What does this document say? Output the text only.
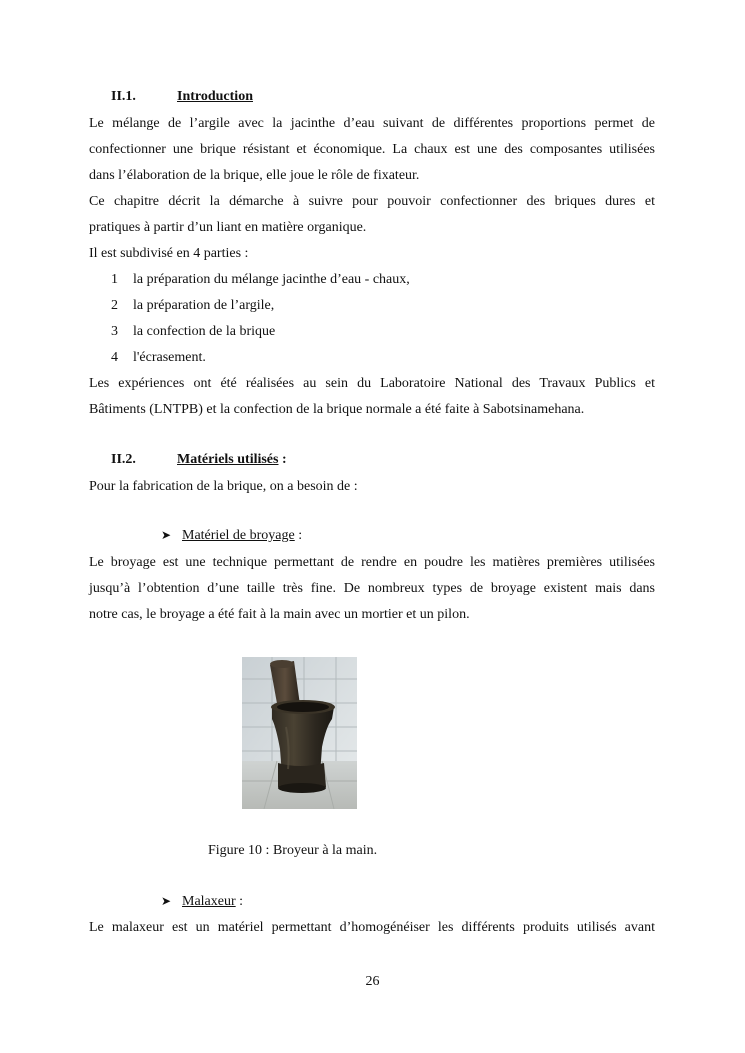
II.1.	Introduction
Le mélange de l’argile avec la jacinthe d’eau suivant de différentes proportions permet de
confectionner une brique résistant et économique. La chaux est une des composantes utilisées
dans l’élaboration de la brique, elle joue le rôle de fixateur.
Ce chapitre décrit la démarche à suivre pour pouvoir confectionner des briques dures et
pratiques à partir d’un liant en matière organique.
Il est subdivisé en 4 parties :
1 la préparation du mélange jacinthe d’eau - chaux,
2 la préparation de l’argile,
3 la confection de la brique
4 l'écrasement.
Les expériences ont été réalisées au sein du Laboratoire National des Travaux Publics et
Bâtiments (LNTPB) et la confection de la brique normale a été faite à Sabotsinamehana.
II.2.	Matériels utilisés :
Pour la fabrication de la brique, on a besoin de :
➤ Matériel de broyage :
Le broyage est une technique permettant de rendre en poudre les matières premières utilisées
jusqu’à l’obtention d’une taille très fine. De nombreux types de broyage existent mais dans
notre cas, le broyage a été fait à la main avec un mortier et un pilon.
Figure 10 : Broyeur à la main.
➤ Malaxeur :
Le malaxeur est un matériel permettant d’homogénéiser les différents produits utilisés avant
26
